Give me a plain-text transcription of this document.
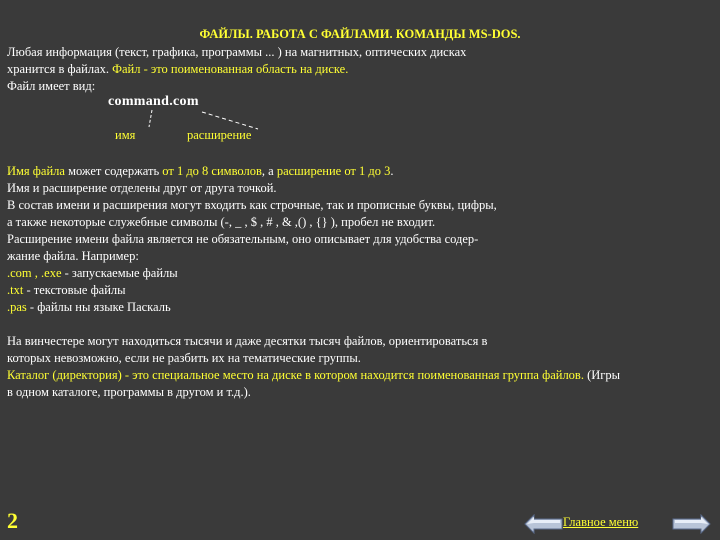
ФАЙЛЫ. РАБОТА С ФАЙЛАМИ. КОМАНДЫ MS-DOS.
Любая информация (текст, графика, программы ... ) на магнитных, оптических дисках
хранится в файлах. Файл - это поименованная область на диске.
Файл имеет вид:
command.com
имя	расширение
Имя файла может содержать от 1 до 8 символов, а расширение от 1 до 3.
Имя и расширение отделены друг от друга точкой.
В состав имени и расширения могут входить как строчные, так и прописные буквы, цифры,
а также некоторые служебные символы (-, _ , $ , # , & ,() , {} ), пробел не входит.
Расширение имени файла является не обязательным, оно описывает для удобства содер-
жание файла. Например:
.com , .exe - запускаемые файлы
.txt - текстовые файлы
.pas - файлы ны языке Паскаль
На винчестере могут находиться тысячи и даже десятки тысяч файлов, ориентироваться в
которых невозможно, если не разбить их на тематические группы.
Каталог (директория) - это специальное место на диске в котором находится поименованная группа файлов. (Игры
в одном каталоге, программы в другом и т.д.).
2	Главное меню
